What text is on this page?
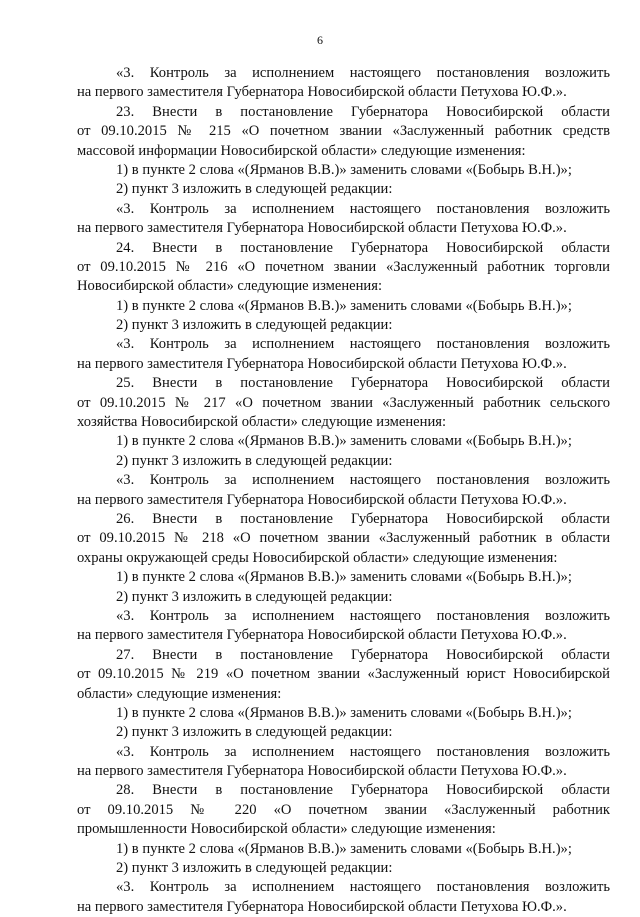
6
«3. Контроль за исполнением настоящего постановления возложить
на первого заместителя Губернатора Новосибирской области Петухова Ю.Ф.».
23. Внести в постановление Губернатора Новосибирской области
от 09.10.2015 № 215 «О почетном звании «Заслуженный работник средств
массовой информации Новосибирской области» следующие изменения:
1) в пункте 2 слова «(Ярманов В.В.)» заменить словами «(Бобырь В.Н.)»;
2) пункт 3 изложить в следующей редакции:
«3. Контроль за исполнением настоящего постановления возложить
на первого заместителя Губернатора Новосибирской области Петухова Ю.Ф.».
24. Внести в постановление Губернатора Новосибирской области
от 09.10.2015 № 216 «О почетном звании «Заслуженный работник торговли
Новосибирской области» следующие изменения:
1) в пункте 2 слова «(Ярманов В.В.)» заменить словами «(Бобырь В.Н.)»;
2) пункт 3 изложить в следующей редакции:
«3. Контроль за исполнением настоящего постановления возложить
на первого заместителя Губернатора Новосибирской области Петухова Ю.Ф.».
25. Внести в постановление Губернатора Новосибирской области
от 09.10.2015 № 217 «О почетном звании «Заслуженный работник сельского
хозяйства Новосибирской области» следующие изменения:
1) в пункте 2 слова «(Ярманов В.В.)» заменить словами «(Бобырь В.Н.)»;
2) пункт 3 изложить в следующей редакции:
«3. Контроль за исполнением настоящего постановления возложить
на первого заместителя Губернатора Новосибирской области Петухова Ю.Ф.».
26. Внести в постановление Губернатора Новосибирской области
от 09.10.2015 № 218 «О почетном звании «Заслуженный работник в области
охраны окружающей среды Новосибирской области» следующие изменения:
1) в пункте 2 слова «(Ярманов В.В.)» заменить словами «(Бобырь В.Н.)»;
2) пункт 3 изложить в следующей редакции:
«3. Контроль за исполнением настоящего постановления возложить
на первого заместителя Губернатора Новосибирской области Петухова Ю.Ф.».
27. Внести в постановление Губернатора Новосибирской области
от 09.10.2015 № 219 «О почетном звании «Заслуженный юрист Новосибирской
области» следующие изменения:
1) в пункте 2 слова «(Ярманов В.В.)» заменить словами «(Бобырь В.Н.)»;
2) пункт 3 изложить в следующей редакции:
«3. Контроль за исполнением настоящего постановления возложить
на первого заместителя Губернатора Новосибирской области Петухова Ю.Ф.».
28. Внести в постановление Губернатора Новосибирской области
от 09.10.2015 № 220 «О почетном звании «Заслуженный работник
промышленности Новосибирской области» следующие изменения:
1) в пункте 2 слова «(Ярманов В.В.)» заменить словами «(Бобырь В.Н.)»;
2) пункт 3 изложить в следующей редакции:
«3. Контроль за исполнением настоящего постановления возложить
на первого заместителя Губернатора Новосибирской области Петухова Ю.Ф.».
